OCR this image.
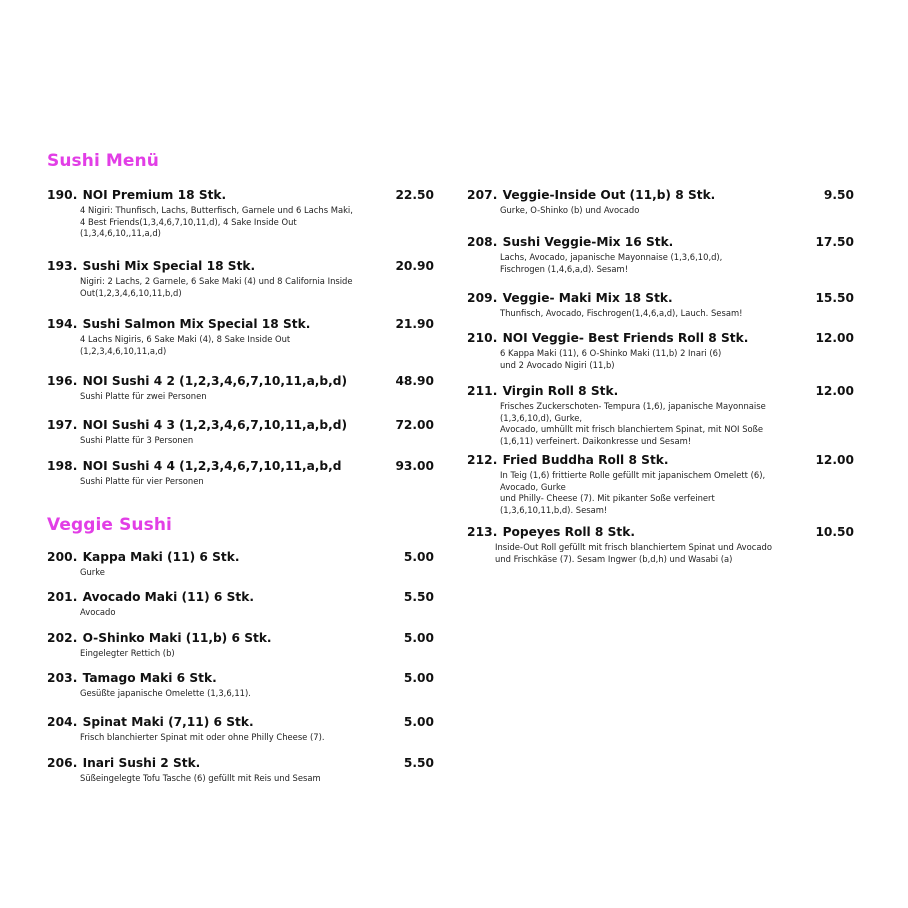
Sushi Menü
190. NOI Premium 18 Stk.	22.50
4 Nigiri: Thunfisch, Lachs, Butterfisch, Garnele und 6 Lachs Maki,
4 Best Friends(1,3,4,6,7,10,11,d), 4 Sake Inside Out
(1,3,4,6,10,,11,a,d)
193. Sushi Mix Special 18 Stk.	20.90
Nigiri: 2 Lachs, 2 Garnele, 6 Sake Maki (4) und 8 California Inside
Out(1,2,3,4,6,10,11,b,d)
194. Sushi Salmon Mix Special 18 Stk.	21.90
4 Lachs Nigiris, 6 Sake Maki (4), 8 Sake Inside Out
(1,2,3,4,6,10,11,a,d)
196. NOI Sushi 4 2 (1,2,3,4,6,7,10,11,a,b,d)	48.90
Sushi Platte für zwei Personen
197. NOI Sushi 4 3 (1,2,3,4,6,7,10,11,a,b,d)	72.00
Sushi Platte für 3 Personen
198. NOI Sushi 4 4 (1,2,3,4,6,7,10,11,a,b,d	93.00
Sushi Platte für vier Personen
Veggie Sushi
200. Kappa Maki (11) 6 Stk.	5.00
Gurke
201. Avocado Maki (11) 6 Stk.	5.50
Avocado
202. O-Shinko Maki (11,b) 6 Stk.	5.00
Eingelegter Rettich (b)
203. Tamago Maki 6 Stk.	5.00
Gesüßte japanische Omelette (1,3,6,11).
204. Spinat Maki (7,11) 6 Stk.	5.00
Frisch blanchierter Spinat mit oder ohne Philly Cheese (7).
206. Inari Sushi 2 Stk.	5.50
Süßeingelegte Tofu Tasche (6) gefüllt mit Reis und Sesam
207. Veggie-Inside Out (11,b) 8 Stk.	9.50
Gurke, O-Shinko (b) und Avocado
208. Sushi Veggie-Mix 16 Stk.	17.50
Lachs, Avocado, japanische Mayonnaise (1,3,6,10,d),
Fischrogen (1,4,6,a,d). Sesam!
209. Veggie- Maki Mix 18 Stk.	15.50
Thunfisch, Avocado, Fischrogen(1,4,6,a,d), Lauch. Sesam!
210. NOI Veggie- Best Friends Roll 8 Stk.	12.00
6 Kappa Maki (11), 6 O-Shinko Maki (11,b) 2 Inari (6)
und 2 Avocado Nigiri (11,b)
211. Virgin Roll 8 Stk.	12.00
Frisches Zuckerschoten- Tempura (1,6), japanische Mayonnaise
(1,3,6,10,d), Gurke,
Avocado, umhüllt mit frisch blanchiertem Spinat, mit NOI Soße
(1,6,11) verfeinert. Daikonkresse und Sesam!
212. Fried Buddha Roll 8 Stk.	12.00
In Teig (1,6) frittierte Rolle gefüllt mit japanischem Omelett (6),
Avocado, Gurke
und Philly- Cheese (7). Mit pikanter Soße verfeinert
(1,3,6,10,11,b,d). Sesam!
213. Popeyes Roll 8 Stk.	10.50
Inside-Out Roll gefüllt mit frisch blanchiertem Spinat und Avocado
und Frischkäse (7). Sesam Ingwer (b,d,h) und Wasabi (a)
